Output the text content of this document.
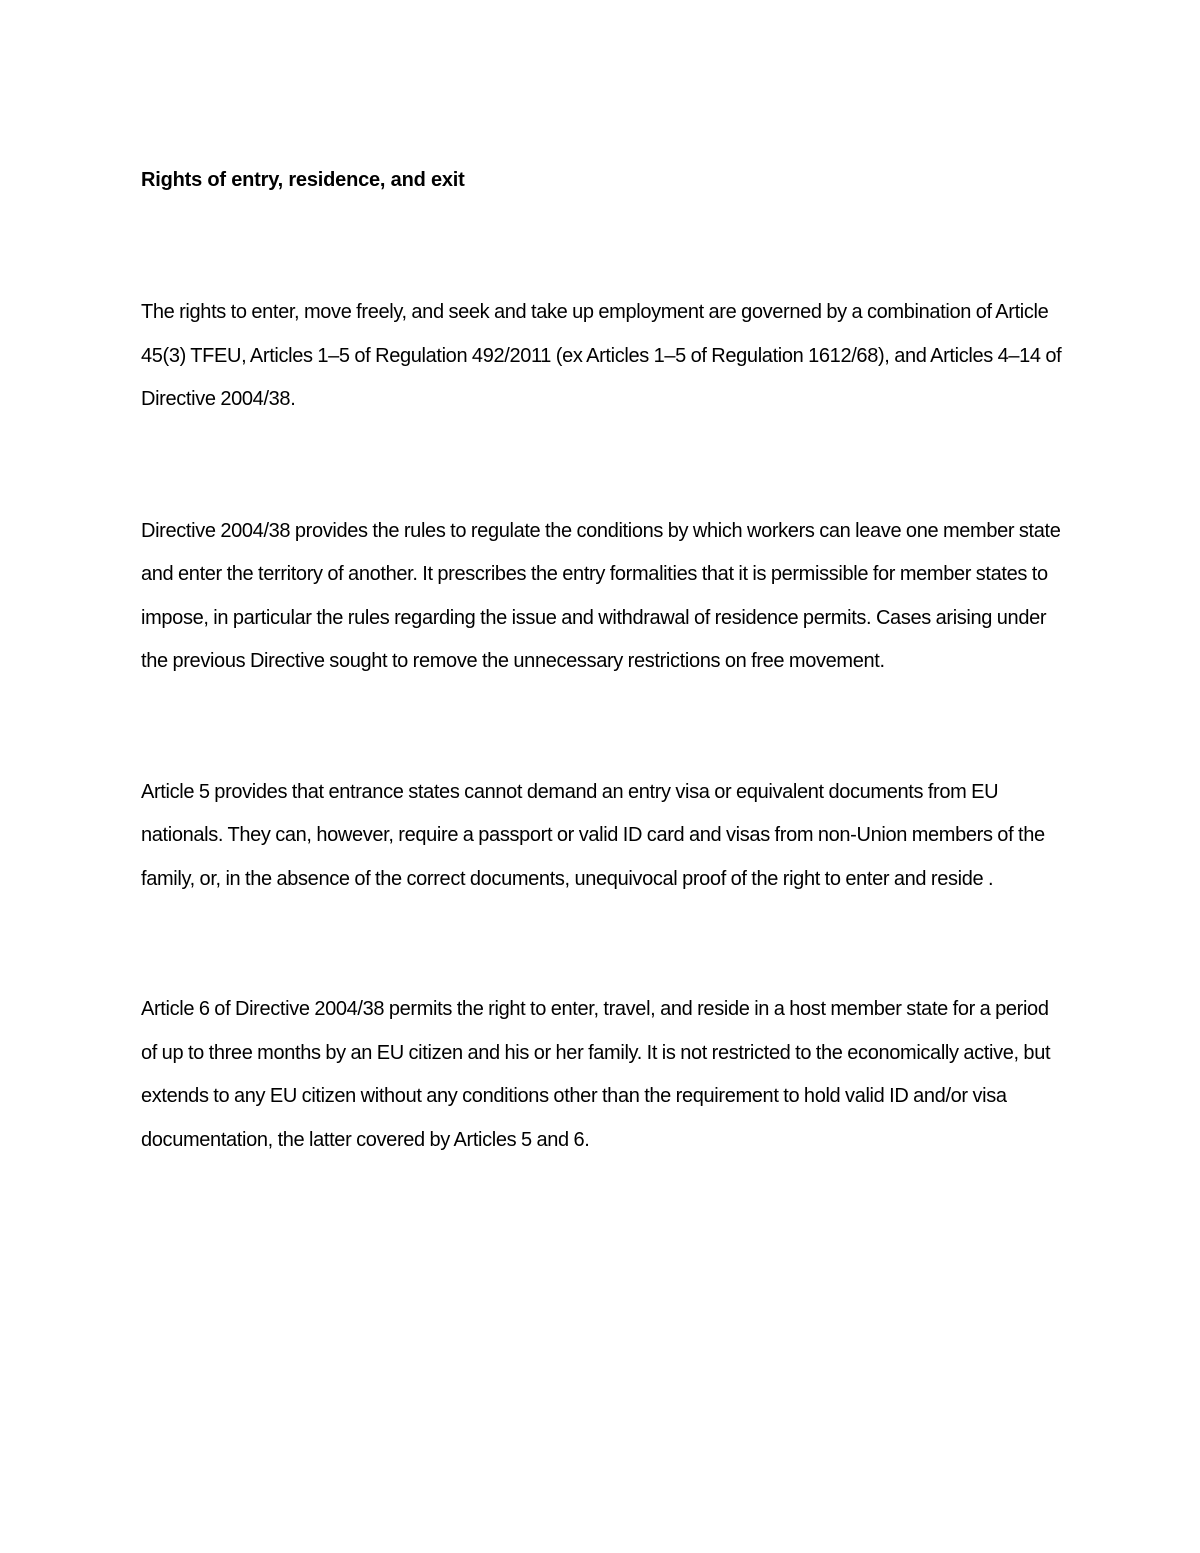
Rights of entry, residence, and exit

The rights to enter, move freely, and seek and take up employment are governed by a combination of Article 45(3) TFEU, Articles 1–5 of Regulation 492/2011 (ex Articles 1–5 of Regulation 1612/68), and Articles 4–14 of Directive 2004/38.

Directive 2004/38 provides the rules to regulate the conditions by which workers can leave one member state and enter the territory of another. It prescribes the entry formalities that it is permissible for member states to impose, in particular the rules regarding the issue and withdrawal of residence permits. Cases arising under the previous Directive sought to remove the unnecessary restrictions on free movement.

Article 5 provides that entrance states cannot demand an entry visa or equivalent documents from EU nationals. They can, however, require a passport or valid ID card and visas from non-Union members of the family, or, in the absence of the correct documents, unequivocal proof of the right to enter and reside .

Article 6 of Directive 2004/38 permits the right to enter, travel, and reside in a host member state for a period of up to three months by an EU citizen and his or her family. It is not restricted to the economically active, but extends to any EU citizen without any conditions other than the requirement to hold valid ID and/or visa documentation, the latter covered by Articles 5 and 6.
